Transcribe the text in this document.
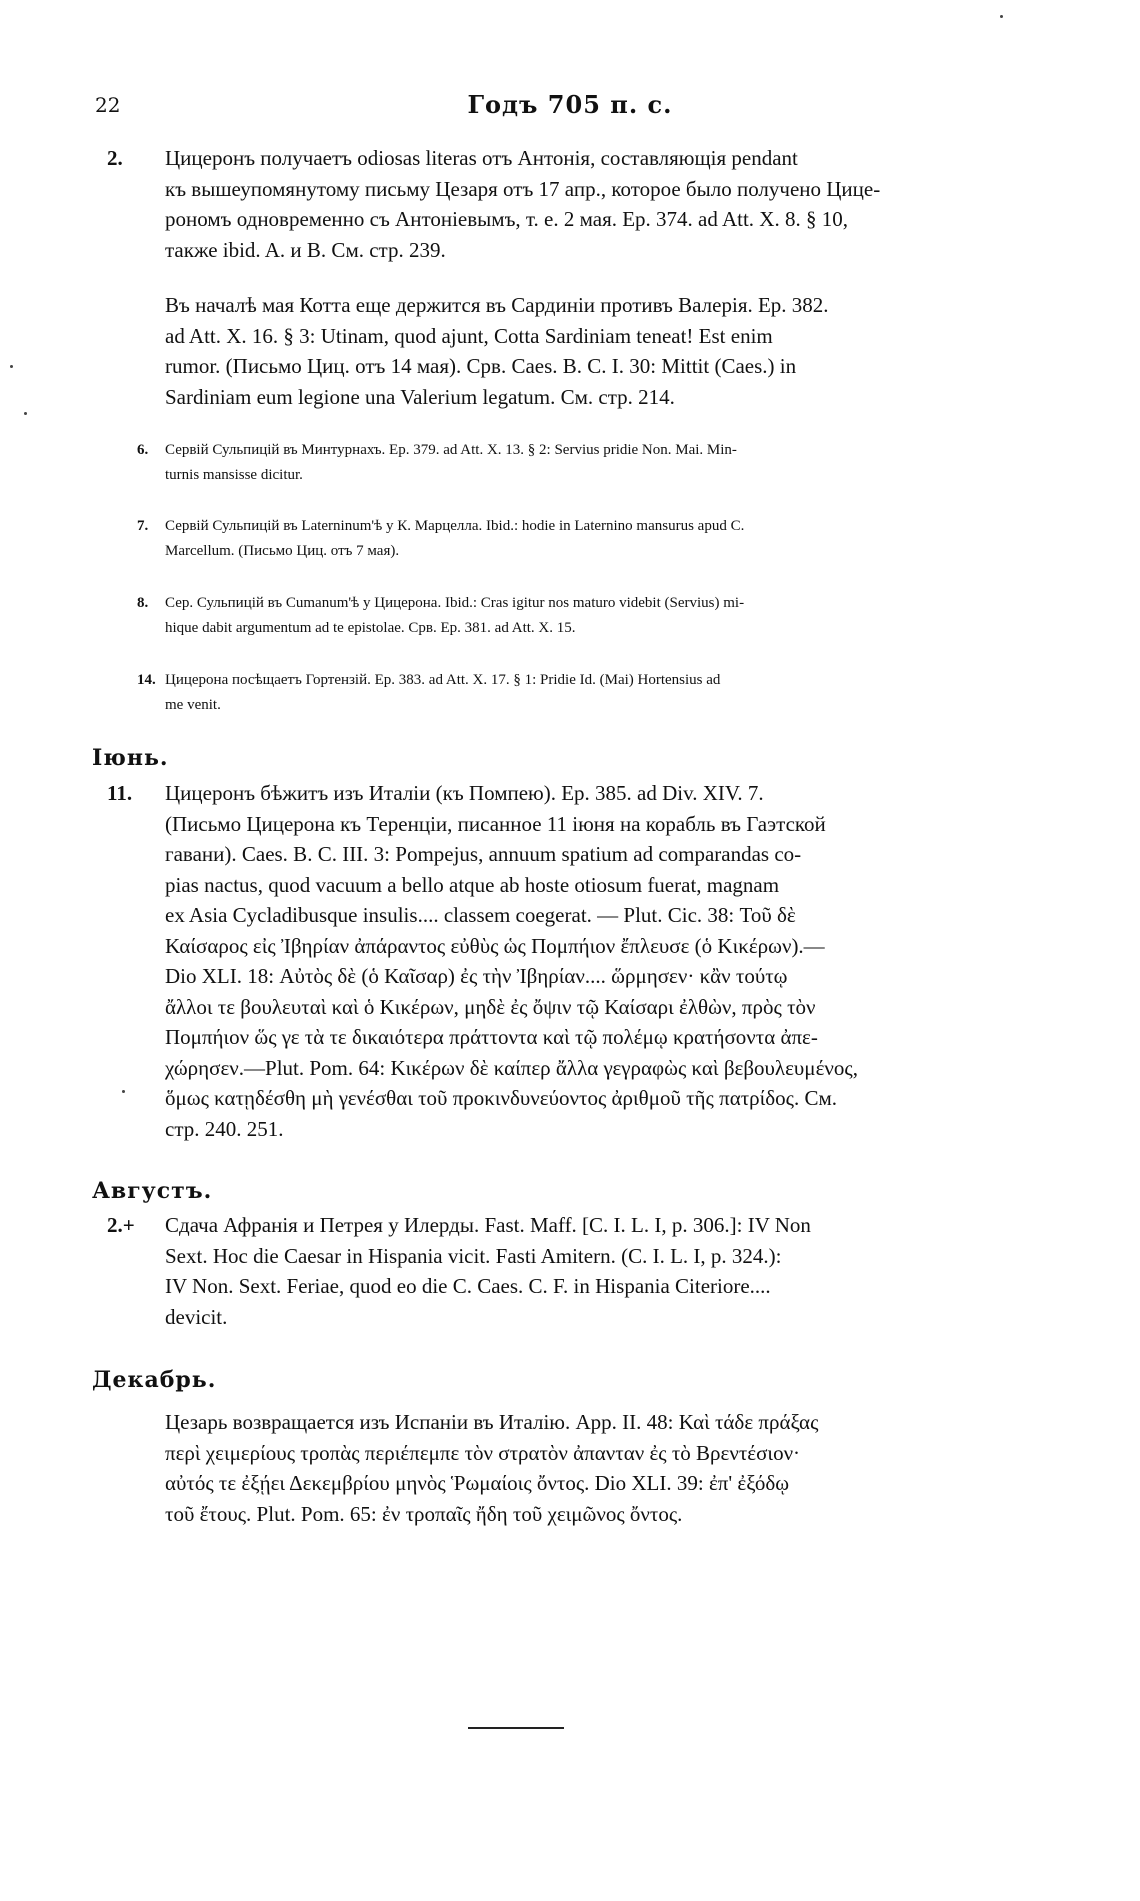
22	Годъ 705 п. с.
2. Цицеронъ получаетъ odiosas literas отъ Антонія, составляющія pendant
къ вышеупомянутому письму Цезаря отъ 17 апр., которое было получено Цице-
рономъ одновременно съ Антоніевымъ, т. е. 2 мая. Ep. 374. ad Att. X. 8. § 10,
также ibid. A. и B. См. стр. 239.
Въ началѣ мая Котта еще держится въ Сардиніи противъ Валерія. Ep. 382.
ad Att. X. 16. § 3: Utinam, quod ajunt, Cotta Sardiniam teneat! Est enim
rumor. (Письмо Циц. отъ 14 мая). Срв. Caes. B. C. I. 30: Mittit (Caes.) in
Sardiniam eum legione una Valerium legatum. См. стр. 214.
6. Сервій Сульпицій въ Минтурнахъ. Ep. 379. ad Att. X. 13. § 2: Servius pridie Non. Mai. Min-
turnis mansisse dicitur.
7. Сервій Сульпицій въ Laterninum'ѣ у К. Марцелла. Ibid.: hodie in Laternino mansurus apud C.
Marcellum. (Письмо Циц. отъ 7 мая).
8. Сер. Сульпицій въ Cumanum'ѣ у Цицерона. Ibid.: Cras igitur nos maturo videbit (Servius) mi-
hique dabit argumentum ad te epistolae. Срв. Ep. 381. ad Att. X. 15.
14. Цицерона посѣщаетъ Гортензій. Ep. 383. ad Att. X. 17. § 1: Pridie Id. (Mai) Hortensius ad
me venit.
Іюнь.
11. Цицеронъ бѣжитъ изъ Италіи (къ Помпею). Ep. 385. ad Div. XIV. 7.
(Письмо Цицерона къ Теренціи, писанное 11 іюня на корабль въ Гаэтской
гавани). Caes. B. C. III. 3: Pompejus, annuum spatium ad comparandas co-
pias nactus, quod vacuum a bello atque ab hoste otiosum fuerat, magnam
ex Asia Cycladibusque insulis.... classem coegerat. — Plut. Cic. 38: Τοῦ δὲ
Καίσαρος εἰς Ἰβηρίαν ἀπάραντος εὐθὺς ὡς Πομπήιον ἔπλευσε (ὁ Κικέρων).—
Dio XLI. 18: Αὐτὸς δὲ (ὁ Καῖσαρ) ἐς τὴν Ἰβηρίαν.... ὥρμησεν· κἂν τούτῳ
ἄλλοι τε βουλευταὶ καὶ ὁ Κικέρων, μηδὲ ἐς ὄψιν τῷ Καίσαρι ἐλθὼν, πρὸς τὸν
Πομπήιον ὥς γε τὰ τε δικαιότερα πράττοντα καὶ τῷ πολέμῳ κρατήσοντα ἀπε-
χώρησεν.—Plut. Pom. 64: Κικέρων δὲ καίπερ ἄλλα γεγραφὼς καὶ βεβουλευμένος,
ὅμως κατῃδέσθη μὴ γενέσθαι τοῦ προκινδυνεύοντος ἀριθμοῦ τῆς πατρίδος. См.
стр. 240. 251.
Августъ.
2.+ Сдача Афранія и Петрея у Илерды. Fast. Maff. [C. I. L. I, p. 306.]: IV Non
Sext. Hoc die Caesar in Hispania vicit. Fasti Amitern. (C. I. L. I, p. 324.):
IV Non. Sext. Feriae, quod eo die C. Caes. C. F. in Hispania Citeriore....
devicit.
Декабрь.
Цезарь возвращается изъ Испаніи въ Италію. App. II. 48: Καὶ τάδε πράξας
περὶ χειμερίους τροπὰς περιέπεμπε τὸν στρατὸν ἀπανταν ἐς τὸ Βρεντέσιον·
αὐτός τε ἐξῄει Δεκεμβρίου μηνὸς Ῥωμαίοις ὄντος. Dio XLI. 39: ἐπ' ἐξόδῳ
τοῦ ἔτους. Plut. Pom. 65: ἐν τροπαῖς ἤδη τοῦ χειμῶνος ὄντος.
